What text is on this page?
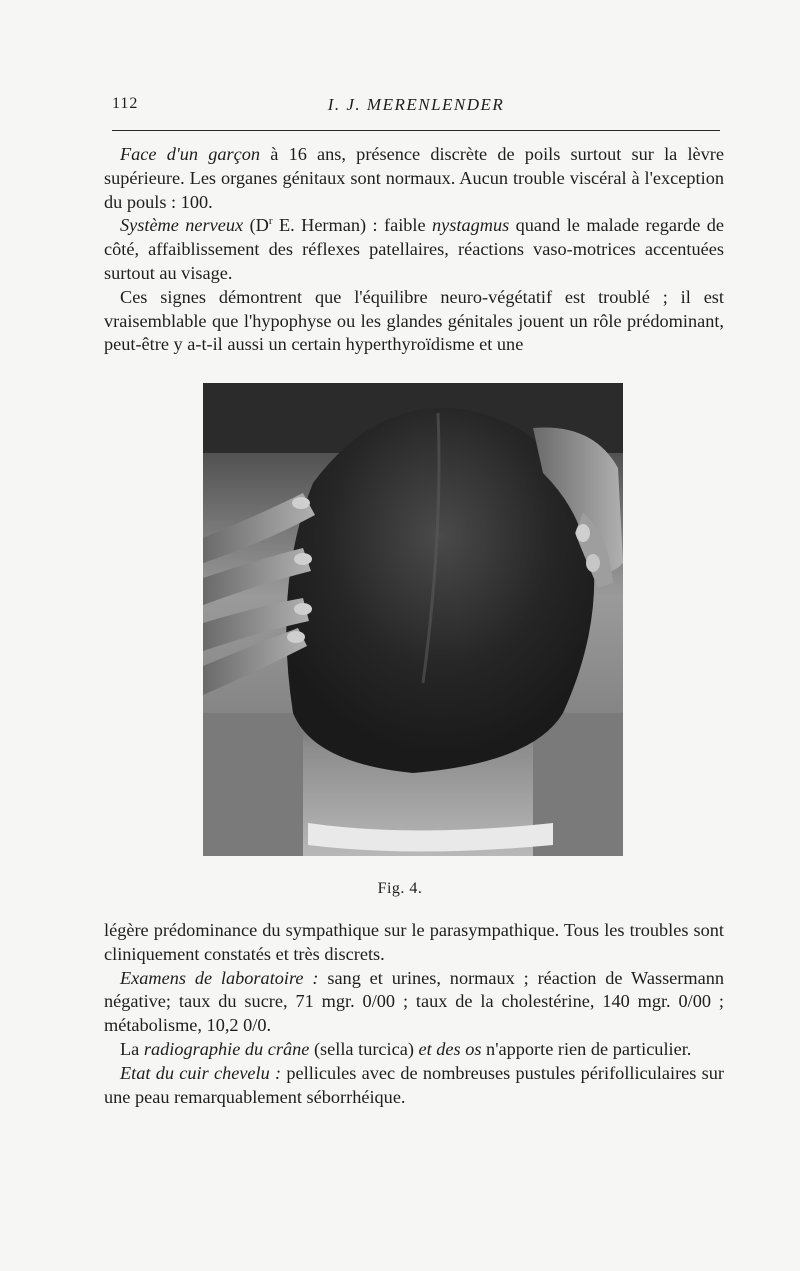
112	I. J. MERENLENDER

Face d'un garçon à 16 ans, présence discrète de poils surtout sur la lèvre supérieure. Les organes génitaux sont normaux. Aucun trouble viscéral à l'exception du pouls : 100.

Système nerveux ($D^r$ E. Herman) : faible nystagmus quand le malade regarde de côté, affaiblissement des réflexes patellaires, réactions vaso-motrices accentuées surtout au visage.

Ces signes démontrent que l'équilibre neuro-végétatif est troublé ; il est vraisemblable que l'hypophyse ou les glandes génitales jouent un rôle prédominant, peut-être y a-t-il aussi un certain hyperthyroïdisme et une

Fig. 4.

légère prédominance du sympathique sur le parasympathique. Tous les troubles sont cliniquement constatés et très discrets.

Examens de laboratoire : sang et urines, normaux ; réaction de Wassermann négative; taux du sucre, 71 mgr. 0/00 ; taux de la cholestérine, 140 mgr. 0/00 ; métabolisme, 10,2 0/0.

La radiographie du crâne (sella turcica) et des os n'apporte rien de particulier.

Etat du cuir chevelu : pellicules avec de nombreuses pustules périfolliculaires sur une peau remarquablement séborrhéique.
